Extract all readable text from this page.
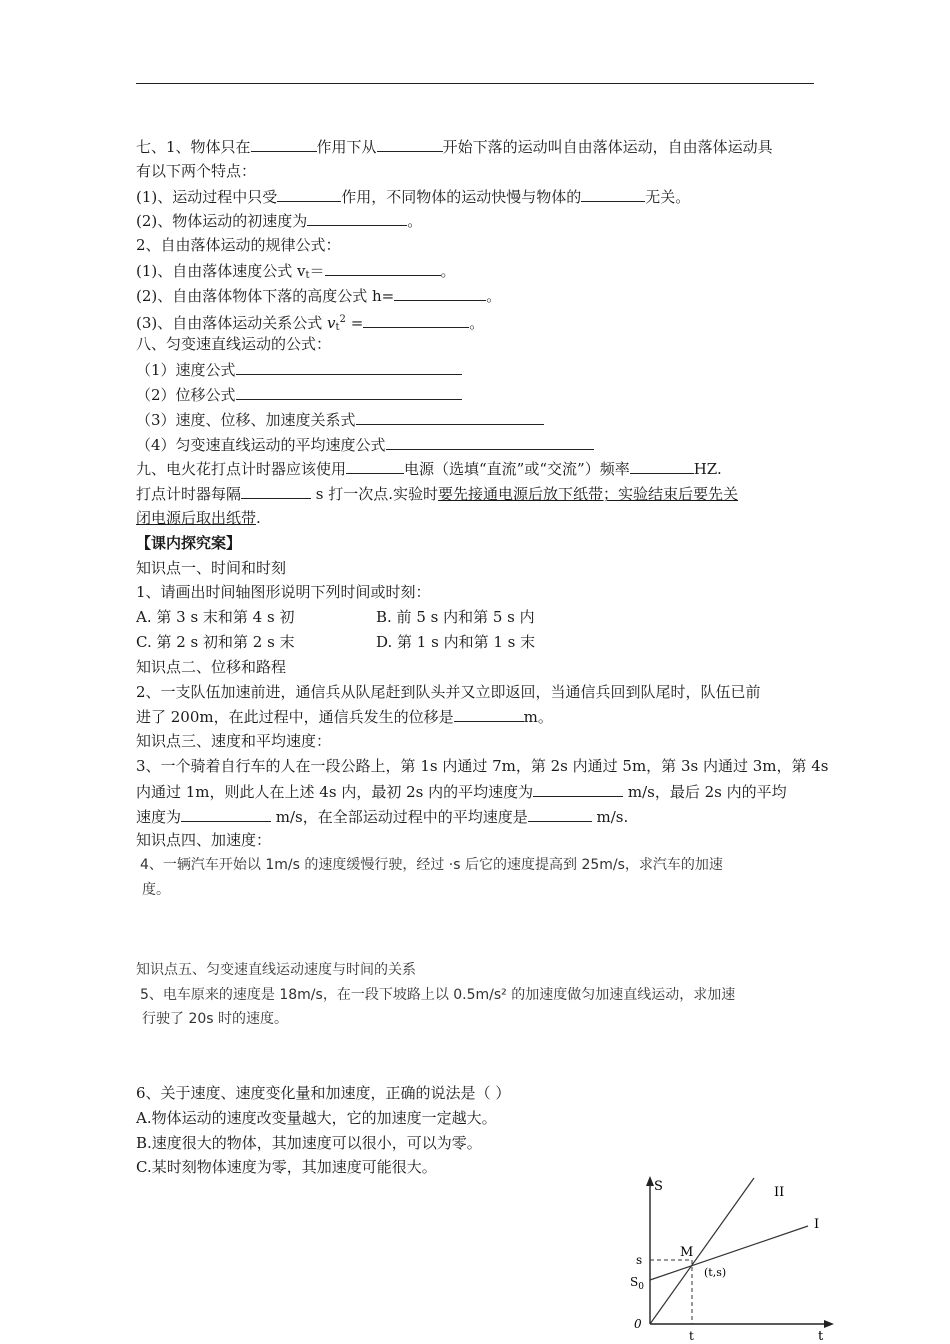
七、1、物体只在	作用下从	开始下落的运动叫自由落体运动，自由落体运动具
有以下两个特点：
(1)、运动过程中只受	作用，不同物体的运动快慢与物体的	无关。
(2)、物体运动的初速度为	。
2、自由落体运动的规律公式：
(1)、自由落体速度公式 $v_t=$	。
(2)、自由落体物体下落的高度公式 h=	。
(3)、自由落体运动关系公式 $v_t^2$ =	。
八、匀变速直线运动的公式：
（1）速度公式
（2）位移公式
（3）速度、位移、加速度关系式
（4）匀变速直线运动的平均速度公式
九、电火花打点计时器应该使用	电源（选填“直流”或“交流”）频率	HZ.
打点计时器每隔	s 打一次点.实验时要先接通电源后放下纸带；实验结束后要先关
闭电源后取出纸带.
【课内探究案】
知识点一、时间和时刻
1、请画出时间轴图形说明下列时间或时刻：
A. 第 3 s 末和第 4 s 初	B. 前 5 s 内和第 5 s 内
C. 第 2 s 初和第 2 s 末	D. 第 1 s 内和第 1 s 末
知识点二、位移和路程
2、一支队伍加速前进，通信兵从队尾赶到队头并又立即返回，当通信兵回到队尾时，队伍已前
进了 200m，在此过程中，通信兵发生的位移是	m。
知识点三、速度和平均速度：
3、一个骑着自行车的人在一段公路上，第 1s 内通过 7m，第 2s 内通过 5m，第 3s 内通过 3m，第 4s
内通过 1m，则此人在上述 4s 内，最初 2s 内的平均速度为	m/s，最后 2s 内的平均
速度为	m/s，在全部运动过程中的平均速度是	m/s.
知识点四、加速度：
4、一辆汽车开始以 1m/s 的速度缓慢行驶，经过 ·s 后它的速度提高到 25m/s，求汽车的加速
度。
知识点五、匀变速直线运动速度与时间的关系
5、电车原来的速度是 18m/s，在一段下坡路上以 0.5m/s² 的加速度做匀加速直线运动，求加速
行驶了 20s 时的速度。
6、关于速度、速度变化量和加速度，正确的说法是（ ）
A.物体运动的速度改变量越大，它的加速度一定越大。
B.速度很大的物体，其加速度可以很小，可以为零。
C.某时刻物体速度为零，其加速度可能很大。
S
t
II
I
M
(t,s)
s
$S_0$
0
t
